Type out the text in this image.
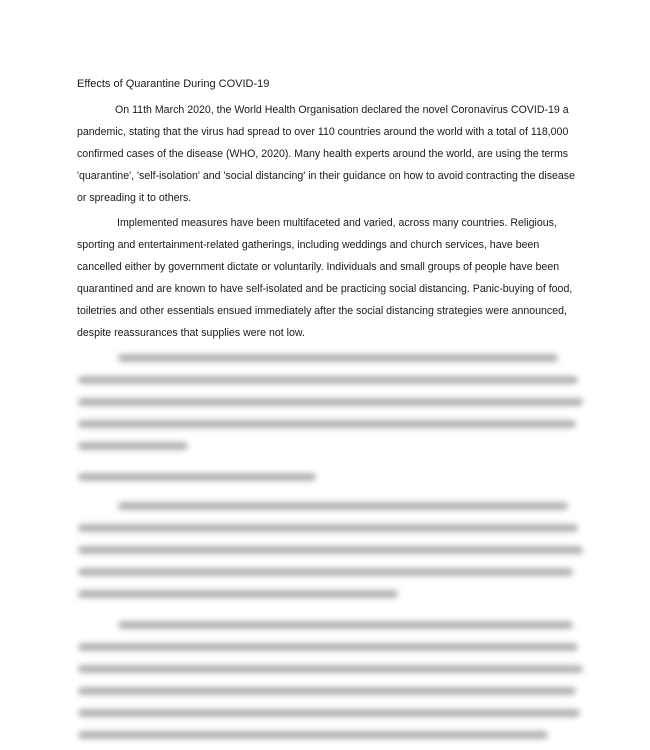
Effects of Quarantine During COVID-19

On 11th March 2020, the World Health Organisation declared the novel Coronavirus COVID-19 a pandemic, stating that the virus had spread to over 110 countries around the world with a total of 118,000 confirmed cases of the disease (WHO, 2020). Many health experts around the world, are using the terms 'quarantine', 'self-isolation' and 'social distancing' in their guidance on how to avoid contracting the disease or spreading it to others.

Implemented measures have been multifaceted and varied, across many countries. Religious, sporting and entertainment-related gatherings, including weddings and church services, have been cancelled either by government dictate or voluntarily. Individuals and small groups of people have been quarantined and are known to have self-isolated and be practicing social distancing. Panic-buying of food, toiletries and other essentials ensued immediately after the social distancing strategies were announced, despite reassurances that supplies were not low.
